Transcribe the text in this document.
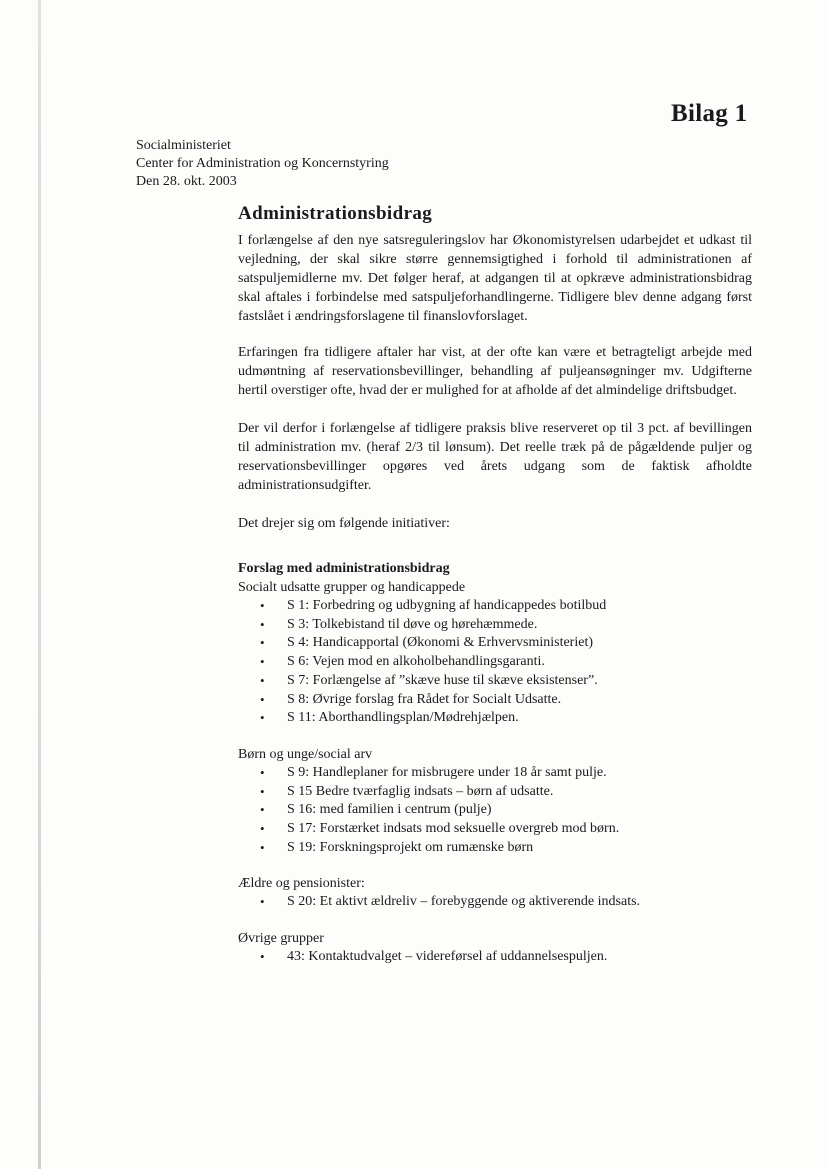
Bilag 1
Socialministeriet
Center for Administration og Koncernstyring
Den 28. okt. 2003
Administrationsbidrag

I forlængelse af den nye satsreguleringslov har Økonomistyrelsen udarbejdet et udkast til vejledning, der skal sikre større gennemsigtighed i forhold til administrationen af satspuljemidlerne mv. Det følger heraf, at adgangen til at opkræve administrationsbidrag skal aftales i forbindelse med satspuljeforhandlingerne. Tidligere blev denne adgang først fastslået i ændringsforslagene til finanslovforslaget.

Erfaringen fra tidligere aftaler har vist, at der ofte kan være et betragteligt arbejde med udmøntning af reservationsbevillinger, behandling af puljeansøgninger mv. Udgifterne hertil overstiger ofte, hvad der er mulighed for at afholde af det almindelige driftsbudget.

Der vil derfor i forlængelse af tidligere praksis blive reserveret op til 3 pct. af bevillingen til administration mv. (heraf 2/3 til lønsum). Det reelle træk på de pågældende puljer og reservationsbevillinger opgøres ved årets udgang som de faktisk afholdte administrationsudgifter.

Det drejer sig om følgende initiativer:

Forslag med administrationsbidrag
Socialt udsatte grupper og handicappede
• S 1: Forbedring og udbygning af handicappedes botilbud
• S 3: Tolkebistand til døve og hørehæmmede.
• S 4: Handicapportal (Økonomi & Erhvervsministeriet)
• S 6: Vejen mod en alkoholbehandlingsgaranti.
• S 7: Forlængelse af ”skæve huse til skæve eksistenser”.
• S 8: Øvrige forslag fra Rådet for Socialt Udsatte.
• S 11: Aborthandlingsplan/Mødrehjælpen.
Børn og unge/social arv
• S 9: Handleplaner for misbrugere under 18 år samt pulje.
• S 15 Bedre tværfaglig indsats – børn af udsatte.
• S 16: med familien i centrum (pulje)
• S 17: Forstærket indsats mod seksuelle overgreb mod børn.
• S 19: Forskningsprojekt om rumænske børn
Ældre og pensionister:
• S 20: Et aktivt ældreliv – forebyggende og aktiverende indsats.
Øvrige grupper
• 43: Kontaktudvalget – videreførsel af uddannelsespuljen.
